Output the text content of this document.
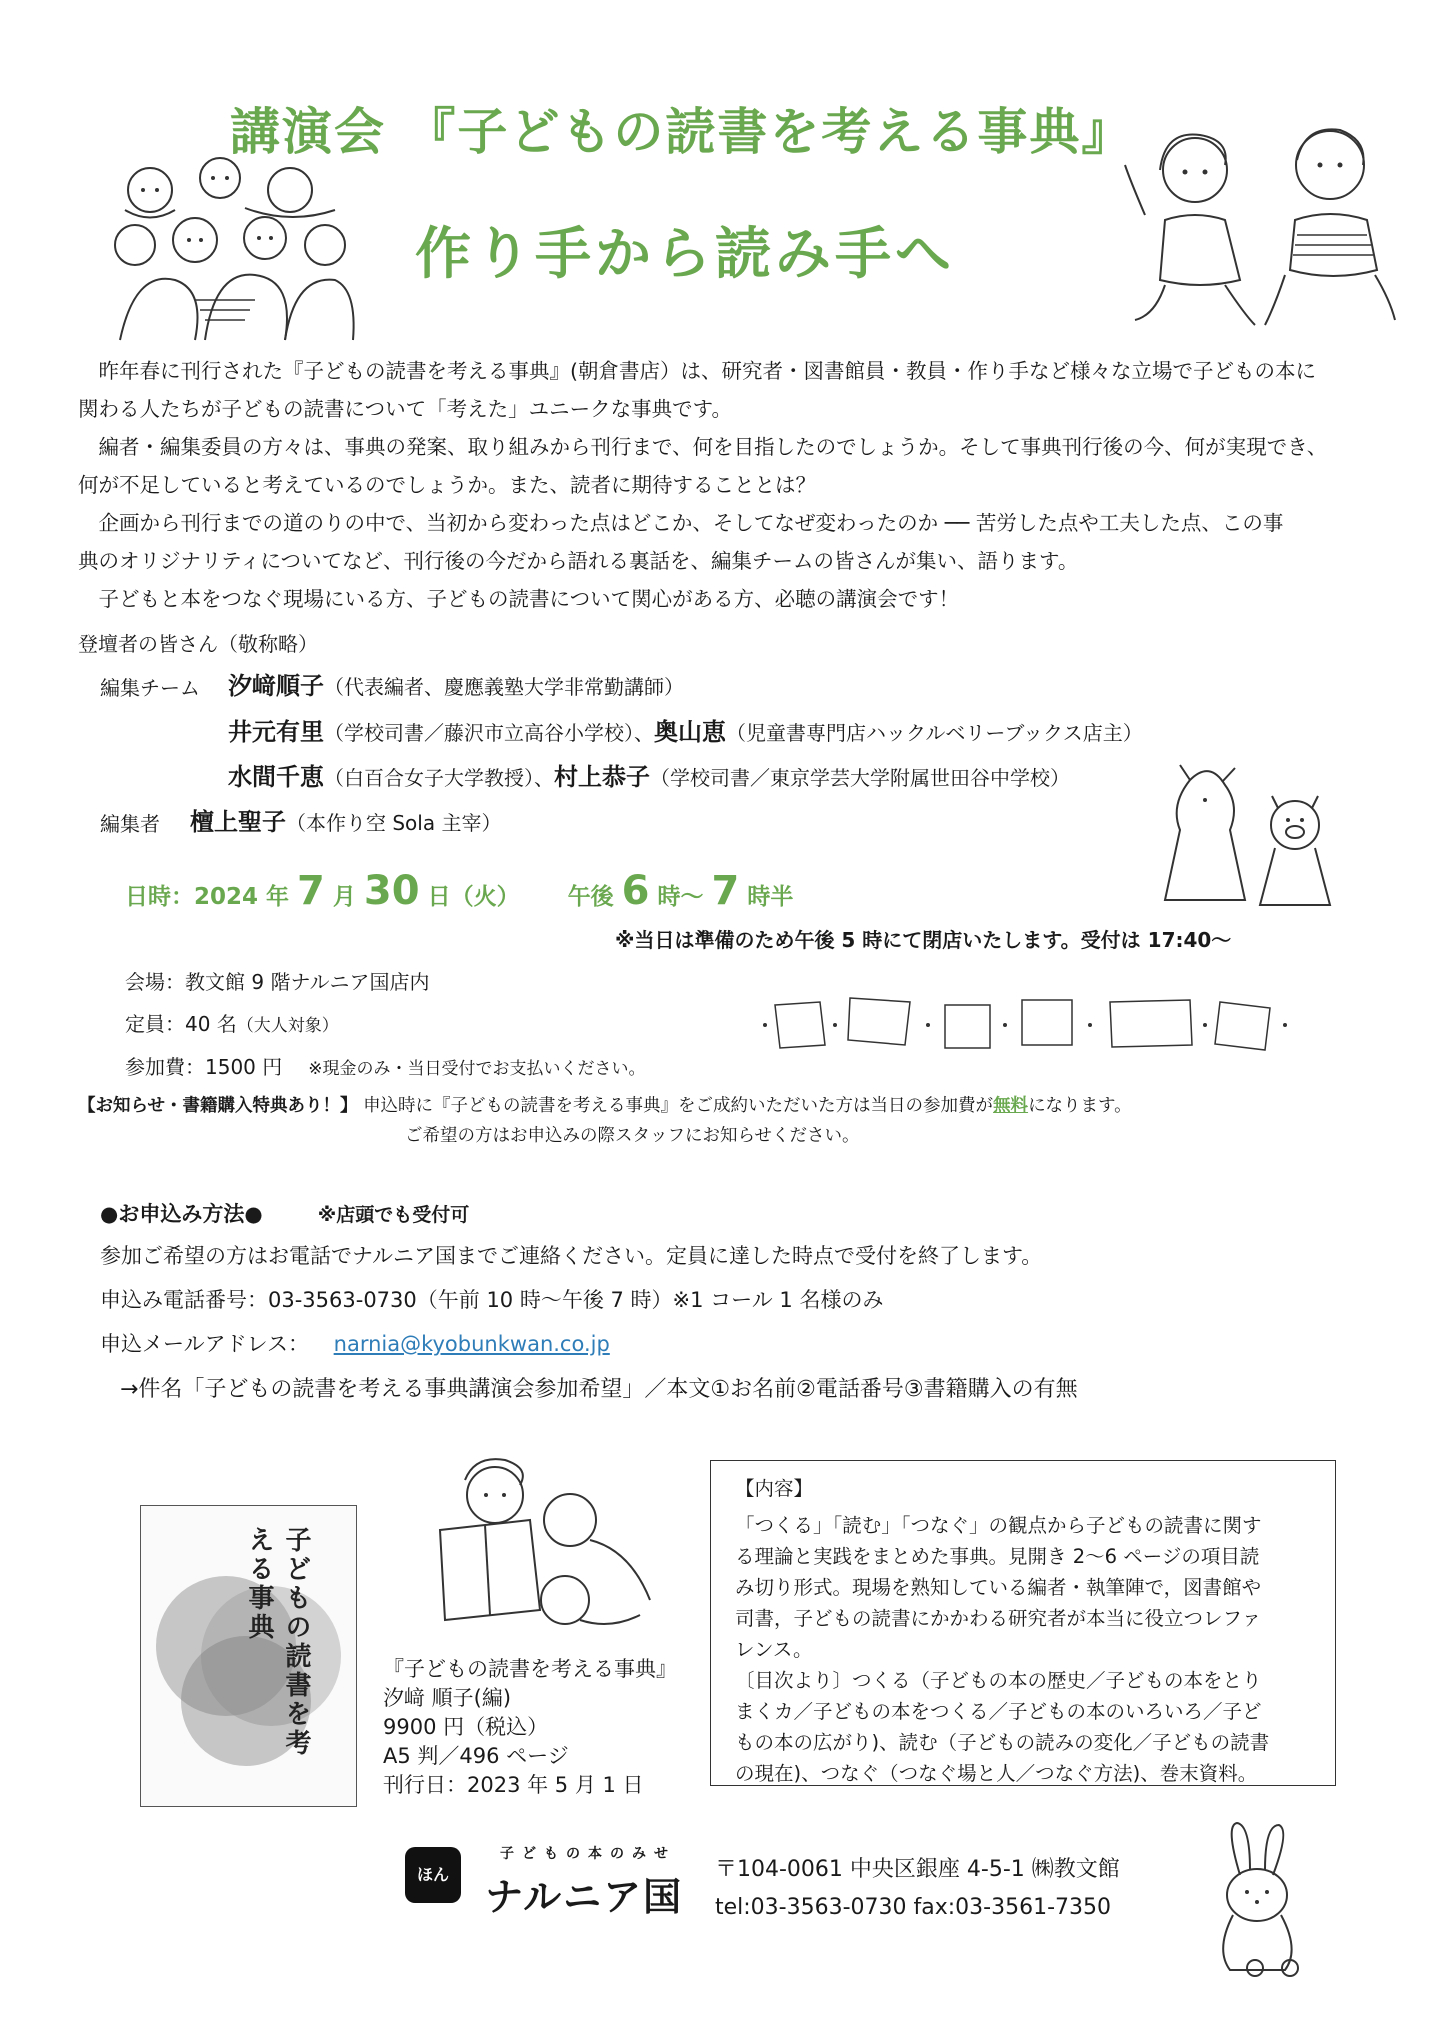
講演会 『子どもの読書を考える事典』
作り手から読み手へ

昨年春に刊行された『子どもの読書を考える事典』(朝倉書店）は、研究者・図書館員・教員・作り手など様々な立場で子どもの本に

関わる人たちが子どもの読書について「考えた」ユニークな事典です。

編者・編集委員の方々は、事典の発案、取り組みから刊行まで、何を目指したのでしょうか。そして事典刊行後の今、何が実現でき、

何が不足していると考えているのでしょうか。また、読者に期待することとは？

企画から刊行までの道のりの中で、当初から変わった点はどこか、そしてなぜ変わったのか ── 苦労した点や工夫した点、この事

典のオリジナリティについてなど、刊行後の今だから語れる裏話を、編集チームの皆さんが集い、語ります。

子どもと本をつなぐ現場にいる方、子どもの読書について関心がある方、必聴の講演会です！

登壇者の皆さん（敬称略）
編集チーム 汐﨑順子（代表編者、慶應義塾大学非常勤講師）
井元有里（学校司書／藤沢市立高谷小学校）、奥山恵（児童書専門店ハックルベリーブックス店主）
水間千恵（白百合女子大学教授）、村上恭子（学校司書／東京学芸大学附属世田谷中学校）
編集者 檀上聖子（本作り空 Sola 主宰）
日時：2024 年 7 月 30 日（火） 午後 6 時～ 7 時半
※当日は準備のため午後 5 時にて閉店いたします。受付は 17:40～
会場：教文館 9 階ナルニア国店内
定員：40 名（大人対象）
参加費：1500 円 ※現金のみ・当日受付でお支払いください。
【お知らせ・書籍購入特典あり！】 申込時に『子どもの読書を考える事典』をご成約いただいた方は当日の参加費が無料になります。
ご希望の方はお申込みの際スタッフにお知らせください。
●お申込み方法●	※店頭でも受付可
参加ご希望の方はお電話でナルニア国までご連絡ください。定員に達した時点で受付を終了します。
申込み電話番号：03-3563-0730（午前 10 時～午後 7 時）※1 コール 1 名様のみ
申込メールアドレス： narnia@kyobunkwan.co.jp
→件名「子どもの読書を考える事典講演会参加希望」／本文①お名前②電話番号③書籍購入の有無
子どもの読書を考える事典
『子どもの読書を考える事典』
汐﨑 順子(編)
9900 円（税込）
A5 判／496 ページ
刊行日：2023 年 5 月 1 日
【内容】
「つくる」「読む」「つなぐ」の観点から子どもの読書に関す
る理論と実践をまとめた事典。見開き 2～6 ページの項目読
み切り形式。現場を熟知している編者・執筆陣で，図書館や
司書，子どもの読書にかかわる研究者が本当に役立つレファ
レンス。
〔目次より〕つくる（子どもの本の歴史／子どもの本をとり
まくカ／子どもの本をつくる／子どもの本のいろいろ／子ど
もの本の広がり)、読む（子どもの読みの変化／子どもの読書
の現在)、つなぐ（つなぐ場と人／つなぐ方法)、巻末資料。
ほん
子どもの本のみせ
ナルニア国
〒104-0061 中央区銀座 4-5-1 ㈱教文館
tel:03-3563-0730 fax:03-3561-7350
